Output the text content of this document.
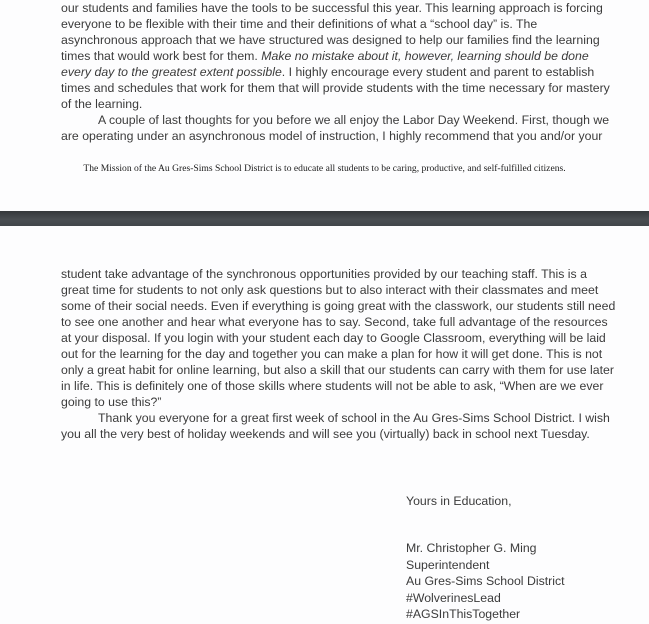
our students and families have the tools to be successful this year. This learning approach is forcing
everyone to be flexible with their time and their definitions of what a “school day” is. The
asynchronous approach that we have structured was designed to help our families find the learning
times that would work best for them. Make no mistake about it, however, learning should be done
every day to the greatest extent possible. I highly encourage every student and parent to establish
times and schedules that work for them that will provide students with the time necessary for mastery
of the learning.
A couple of last thoughts for you before we all enjoy the Labor Day Weekend. First, though we
are operating under an asynchronous model of instruction, I highly recommend that you and/or your
The Mission of the Au Gres-Sims School District is to educate all students to be caring, productive, and self-fulfilled citizens.
student take advantage of the synchronous opportunities provided by our teaching staff. This is a
great time for students to not only ask questions but to also interact with their classmates and meet
some of their social needs. Even if everything is going great with the classwork, our students still need
to see one another and hear what everyone has to say. Second, take full advantage of the resources
at your disposal. If you login with your student each day to Google Classroom, everything will be laid
out for the learning for the day and together you can make a plan for how it will get done. This is not
only a great habit for online learning, but also a skill that our students can carry with them for use later
in life. This is definitely one of those skills where students will not be able to ask, “When are we ever
going to use this?”
Thank you everyone for a great first week of school in the Au Gres-Sims School District. I wish
you all the very best of holiday weekends and will see you (virtually) back in school next Tuesday.
Yours in Education,
Mr. Christopher G. Ming
Superintendent
Au Gres-Sims School District
#WolverinesLead
#AGSInThisTogether
